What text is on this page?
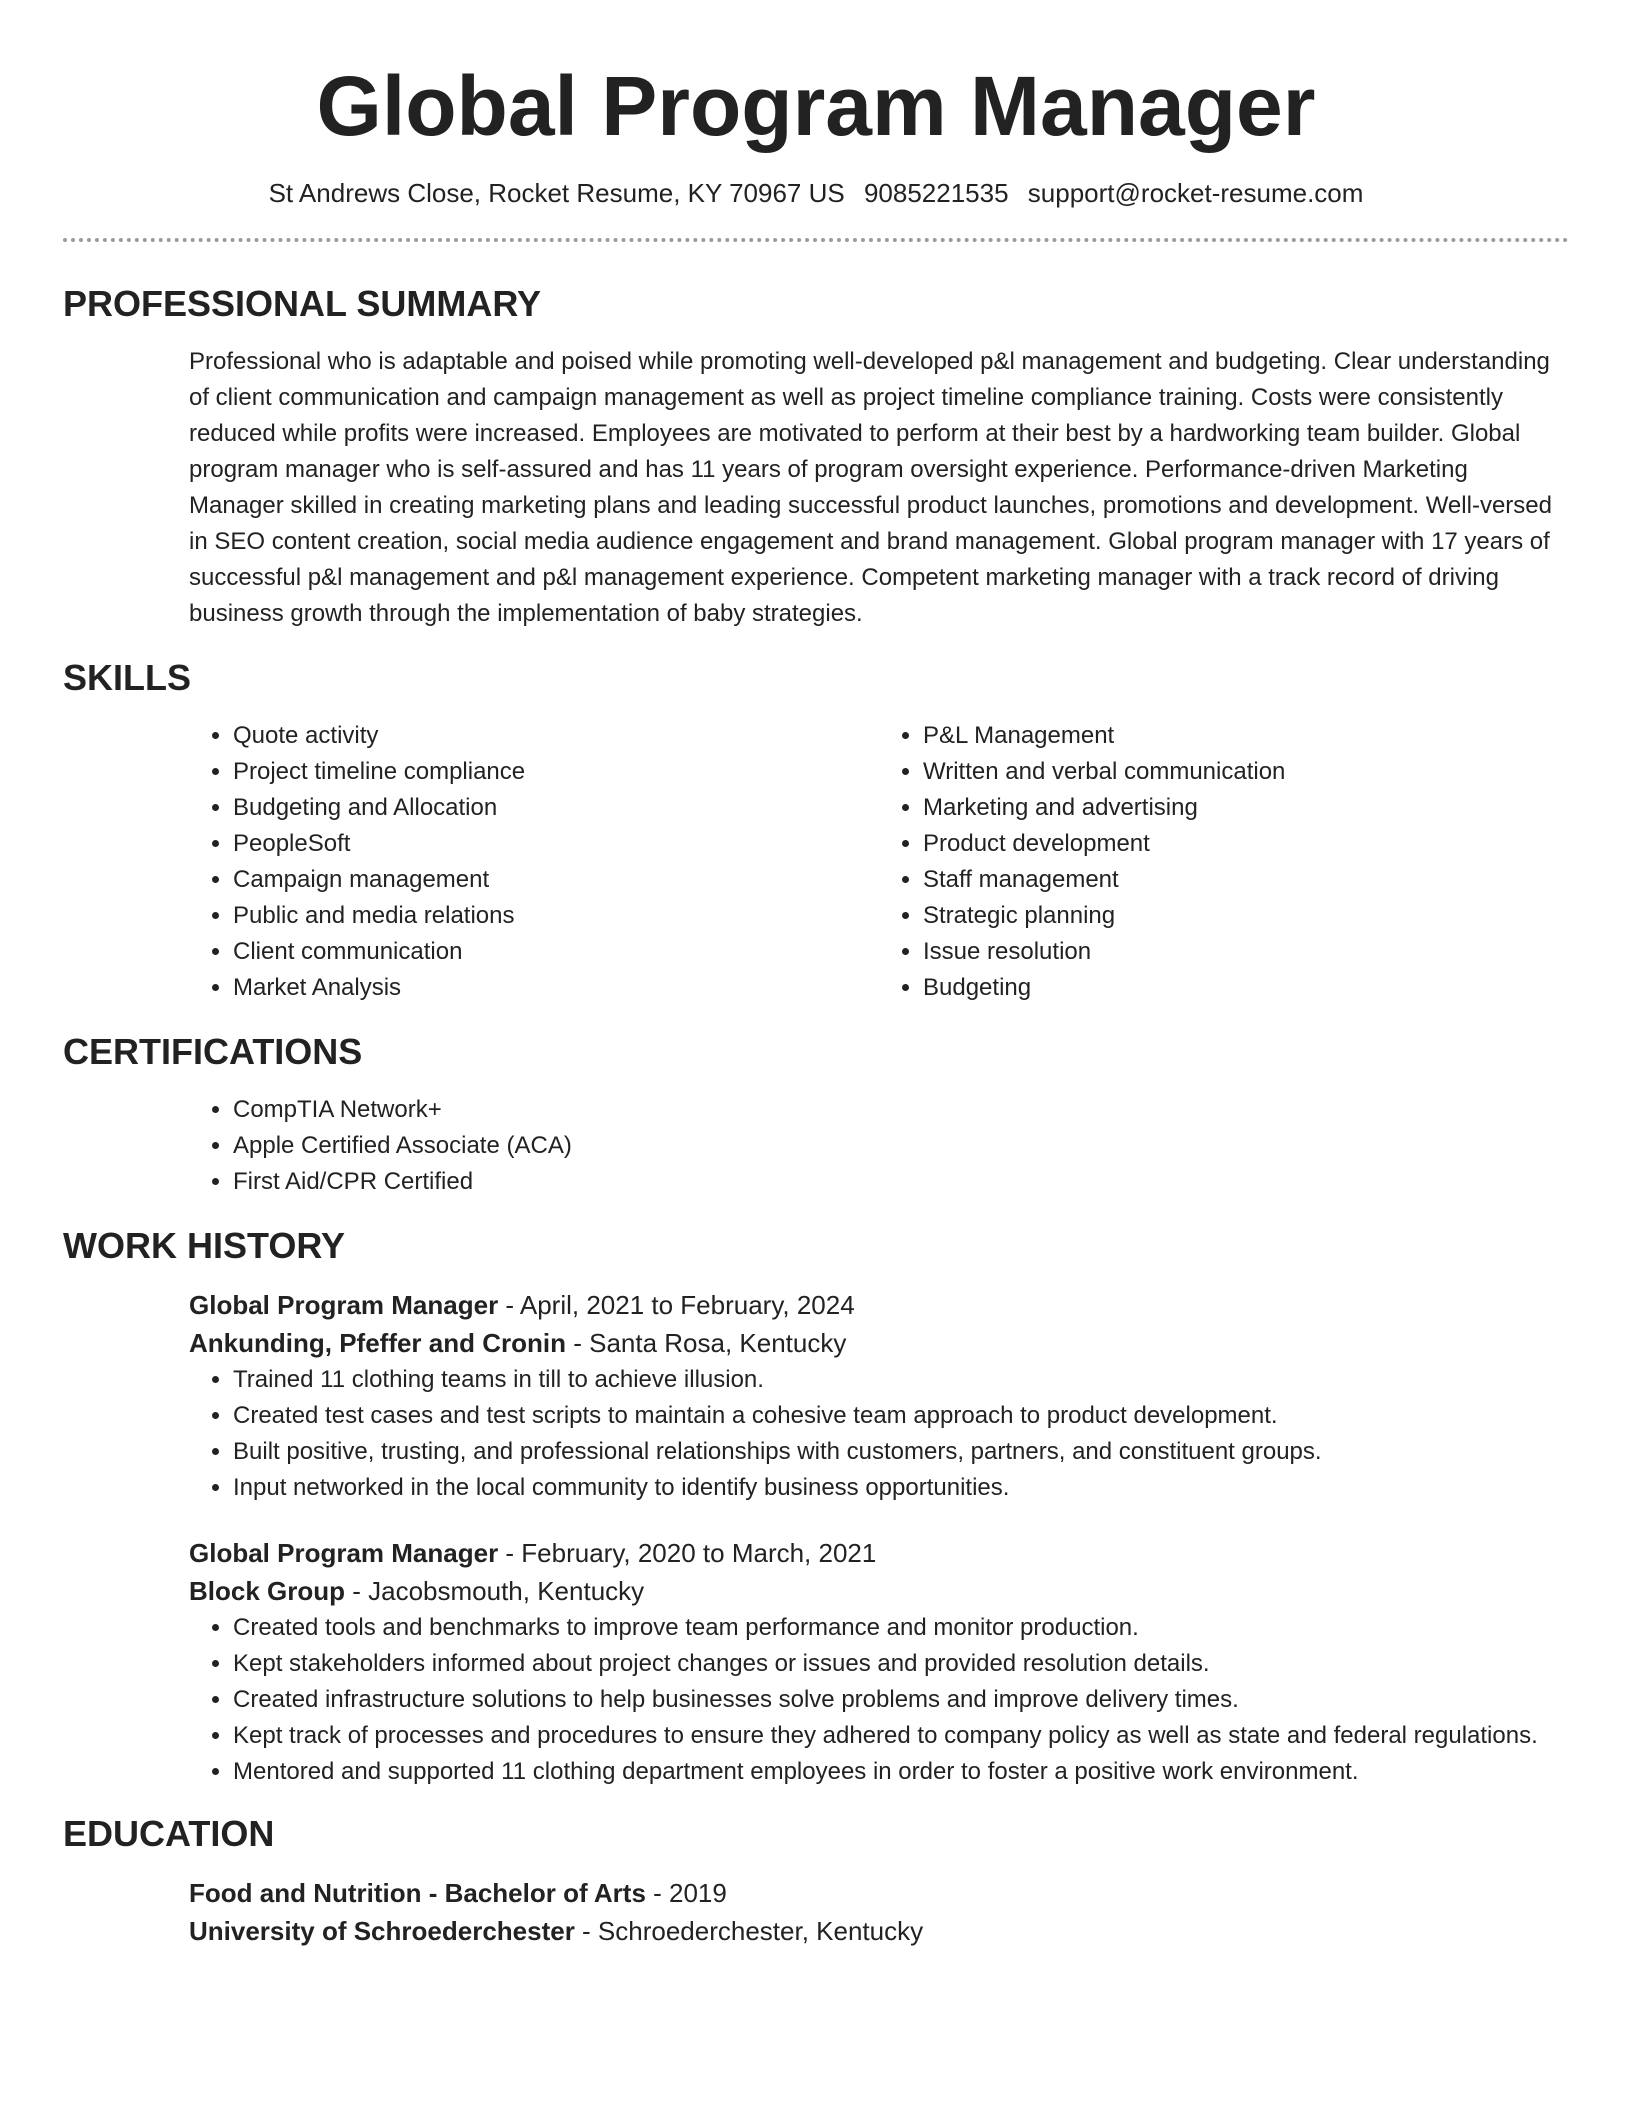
Global Program Manager
St Andrews Close, Rocket Resume, KY 70967 US 9085221535 support@rocket-resume.com
PROFESSIONAL SUMMARY
Professional who is adaptable and poised while promoting well-developed p&l management and budgeting. Clear understanding of client communication and campaign management as well as project timeline compliance training. Costs were consistently reduced while profits were increased. Employees are motivated to perform at their best by a hardworking team builder. Global program manager who is self-assured and has 11 years of program oversight experience. Performance-driven Marketing Manager skilled in creating marketing plans and leading successful product launches, promotions and development. Well-versed in SEO content creation, social media audience engagement and brand management. Global program manager with 17 years of successful p&l management and p&l management experience. Competent marketing manager with a track record of driving business growth through the implementation of baby strategies.
SKILLS
• Quote activity
• Project timeline compliance
• Budgeting and Allocation
• PeopleSoft
• Campaign management
• Public and media relations
• Client communication
• Market Analysis
• P&L Management
• Written and verbal communication
• Marketing and advertising
• Product development
• Staff management
• Strategic planning
• Issue resolution
• Budgeting
CERTIFICATIONS
• CompTIA Network+
• Apple Certified Associate (ACA)
• First Aid/CPR Certified
WORK HISTORY
Global Program Manager - April, 2021 to February, 2024
Ankunding, Pfeffer and Cronin - Santa Rosa, Kentucky
• Trained 11 clothing teams in till to achieve illusion.
• Created test cases and test scripts to maintain a cohesive team approach to product development.
• Built positive, trusting, and professional relationships with customers, partners, and constituent groups.
• Input networked in the local community to identify business opportunities.
Global Program Manager - February, 2020 to March, 2021
Block Group - Jacobsmouth, Kentucky
• Created tools and benchmarks to improve team performance and monitor production.
• Kept stakeholders informed about project changes or issues and provided resolution details.
• Created infrastructure solutions to help businesses solve problems and improve delivery times.
• Kept track of processes and procedures to ensure they adhered to company policy as well as state and federal regulations.
• Mentored and supported 11 clothing department employees in order to foster a positive work environment.
EDUCATION
Food and Nutrition - Bachelor of Arts - 2019
University of Schroederchester - Schroederchester, Kentucky
